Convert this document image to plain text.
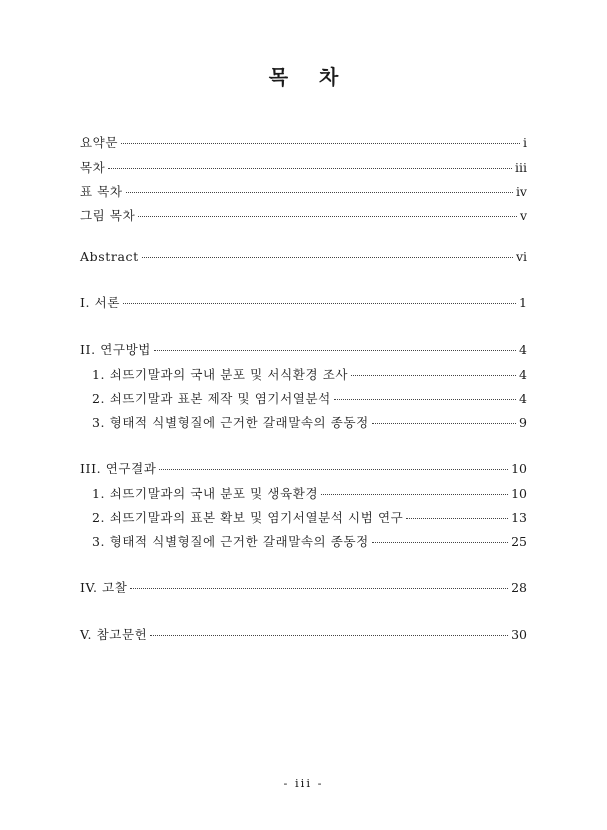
목 차
요약문	i
목차	iii
표 목차	iv
그림 목차	v
Abstract	vi
I. 서론	1
II. 연구방법	4
1. 쇠뜨기말과의 국내 분포 및 서식환경 조사	4
2. 쇠뜨기말과 표본 제작 및 염기서열분석	4
3. 형태적 식별형질에 근거한 갈래말속의 종동정	9
III. 연구결과	10
1. 쇠뜨기말과의 국내 분포 및 생육환경	10
2. 쇠뜨기말과의 표본 확보 및 염기서열분석 시범 연구	13
3. 형태적 식별형질에 근거한 갈래말속의 종동정	25
IV. 고찰	28
V. 참고문헌	30
- iii -
